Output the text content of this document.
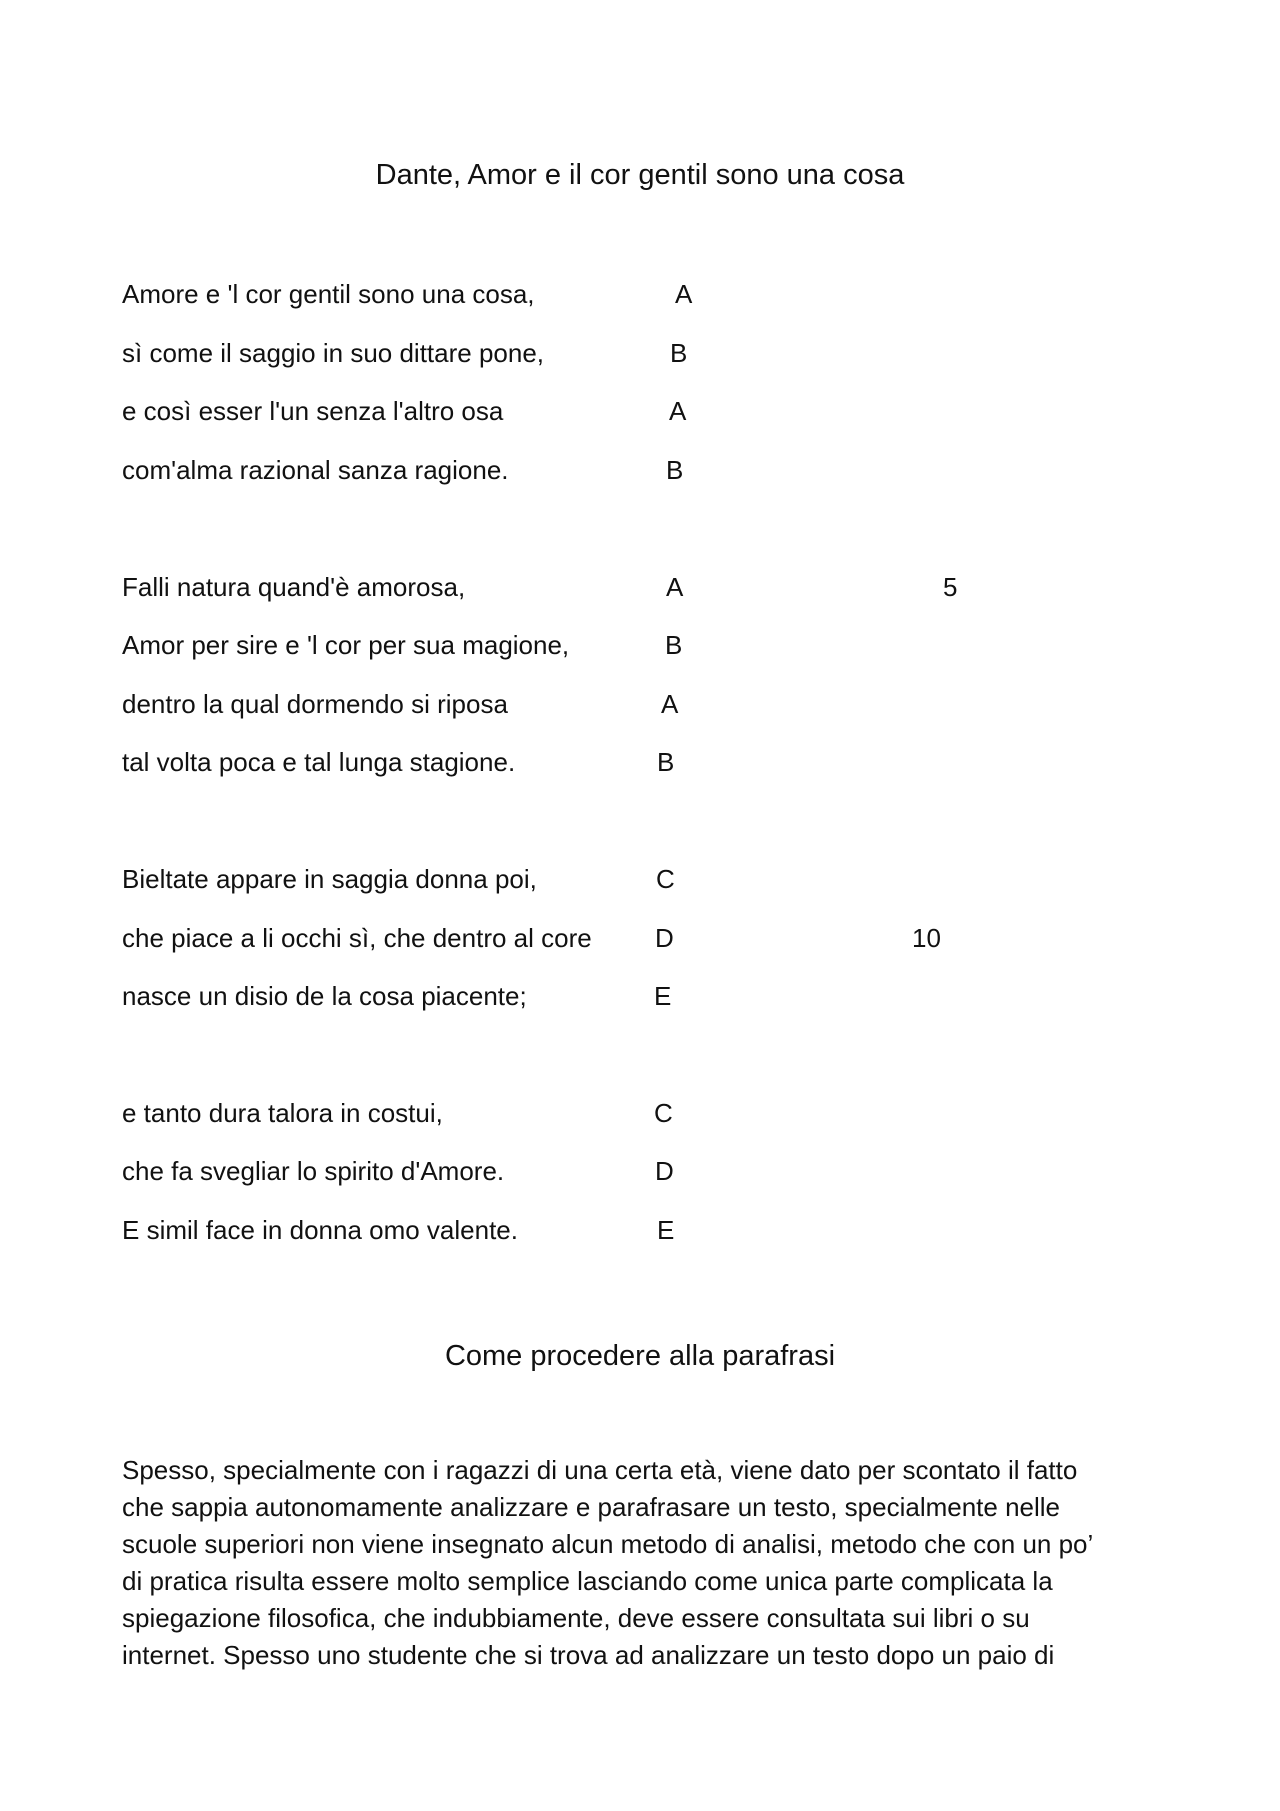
Dante, Amor e il cor gentil sono una cosa
Amore e 'l cor gentil sono una cosa,	A
sì come il saggio in suo dittare pone,	B
e così esser l'un senza l'altro osa	A
com'alma razional sanza ragione.	B
Falli natura quand'è amorosa,	A	5
Amor per sire e 'l cor per sua magione,	B
dentro la qual dormendo si riposa	A
tal volta poca e tal lunga stagione.	B
Bieltate appare in saggia donna poi,	C
che piace a li occhi sì, che dentro al core D	10
nasce un disio de la cosa piacente;	E
e tanto dura talora in costui,	C
che fa svegliar lo spirito d'Amore.	D
E simil face in donna omo valente.	E
Come procedere alla parafrasi
Spesso, specialmente con i ragazzi di una certa età, viene dato per scontato il fatto
che sappia autonomamente analizzare e parafrasare un testo, specialmente nelle
scuole superiori non viene insegnato alcun metodo di analisi, metodo che con un po’
di pratica risulta essere molto semplice lasciando come unica parte complicata la
spiegazione filosofica, che indubbiamente, deve essere consultata sui libri o su
internet. Spesso uno studente che si trova ad analizzare un testo dopo un paio di
